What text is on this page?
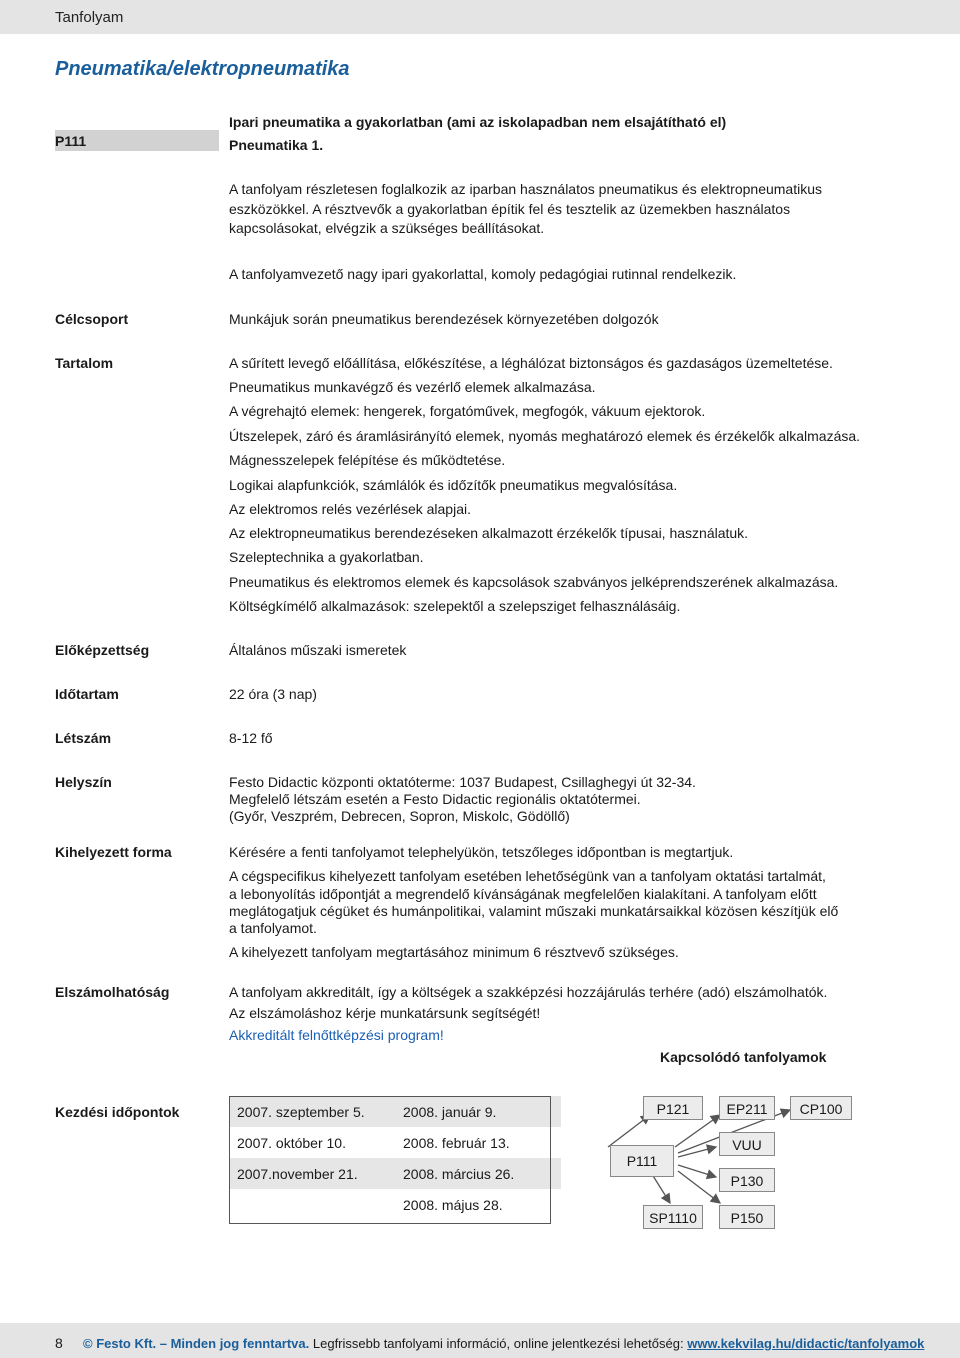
Tanfolyam
Pneumatika/elektropneumatika
P111
Ipari pneumatika a gyakorlatban (ami az iskolapadban nem elsajátítható el)
Pneumatika 1.
A tanfolyam részletesen foglalkozik az iparban használatos pneumatikus és elektropneumatikus
eszközökkel. A résztvevők a gyakorlatban építik fel és tesztelik az üzemekben használatos
kapcsolásokat, elvégzik a szükséges beállításokat.
A tanfolyamvezető nagy ipari gyakorlattal, komoly pedagógiai rutinnal rendelkezik.
Célcsoport	Munkájuk során pneumatikus berendezések környezetében dolgozók
Tartalom	A sűrített levegő előállítása, előkészítése, a léghálózat biztonságos és gazdaságos üzemeltetése.
Pneumatikus munkavégző és vezérlő elemek alkalmazása.
A végrehajtó elemek: hengerek, forgatóművek, megfogók, vákuum ejektorok.
Útszelepek, záró és áramlásirányító elemek, nyomás meghatározó elemek és érzékelők alkalmazása.
Mágnesszelepek felépítése és működtetése.
Logikai alapfunkciók, számlálók és időzítők pneumatikus megvalósítása.
Az elektromos relés vezérlések alapjai.
Az elektropneumatikus berendezéseken alkalmazott érzékelők típusai, használatuk.
Szeleptechnika a gyakorlatban.
Pneumatikus és elektromos elemek és kapcsolások szabványos jelképrendszerének alkalmazása.
Költségkímélő alkalmazások: szelepektől a szelepsziget felhasználásáig.
Előképzettség	Általános műszaki ismeretek
Időtartam	22 óra (3 nap)
Létszám	8-12 fő
Helyszín	Festo Didactic központi oktatóterme: 1037 Budapest, Csillaghegyi út 32-34.
Megfelelő létszám esetén a Festo Didactic regionális oktatótermei.
(Győr, Veszprém, Debrecen, Sopron, Miskolc, Gödöllő)
Kihelyezett forma	Kérésére a fenti tanfolyamot telephelyükön, tetszőleges időpontban is megtartjuk.
A cégspecifikus kihelyezett tanfolyam esetében lehetőségünk van a tanfolyam oktatási tartalmát,
a lebonyolítás időpontját a megrendelő kívánságának megfelelően kialakítani. A tanfolyam előtt
meglátogatjuk cégüket és humánpolitikai, valamint műszaki munkatársaikkal közösen készítjük elő
a tanfolyamot.
A kihelyezett tanfolyam megtartásához minimum 6 résztvevő szükséges.
Elszámolhatóság	A tanfolyam akkreditált, így a költségek a szakképzési hozzájárulás terhére (adó) elszámolhatók.
Az elszámoláshoz kérje munkatársunk segítségét!
Akkreditált felnőttképzési program!
Kapcsolódó tanfolyamok
Kezdési időpontok	2007. szeptember 5.	2008. január 9.
2007. október 10.	2008. február 13.
2007.november 21.	2008. március 26.
	2008. május 28.
P121	EP211	CP100
P111
VUU
P130
SP1110	P150
8 © Festo Kft. – Minden jog fenntartva. Legfrissebb tanfolyami információ, online jelentkezési lehetőség: www.kekvilag.hu/didactic/tanfolyamok
